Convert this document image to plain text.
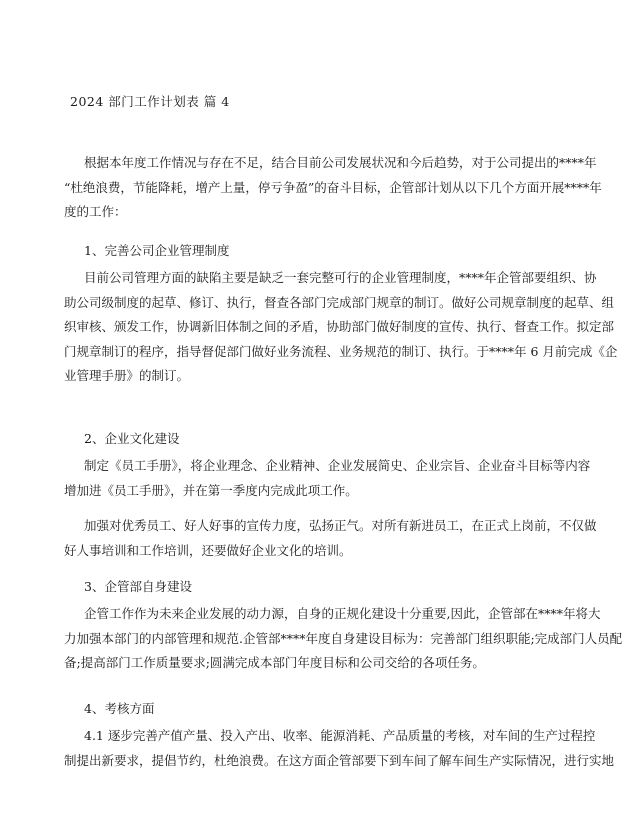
2024 部门工作计划表 篇 4
根据本年度工作情况与存在不足，结合目前公司发展状况和今后趋势，对于公司提出的****年
“杜绝浪费，节能降耗，增产上量，停亏争盈”的奋斗目标，企管部计划从以下几个方面开展****年
度的工作：
1、完善公司企业管理制度
目前公司管理方面的缺陷主要是缺乏一套完整可行的企业管理制度，****年企管部要组织、协
助公司级制度的起草、修订、执行，督查各部门完成部门规章的制订。做好公司规章制度的起草、组
织审核、颁发工作，协调新旧体制之间的矛盾，协助部门做好制度的宣传、执行、督查工作。拟定部
门规章制订的程序，指导督促部门做好业务流程、业务规范的制订、执行。于****年 6 月前完成《企
业管理手册》的制订。
2、企业文化建设
制定《员工手册》，将企业理念、企业精神、企业发展简史、企业宗旨、企业奋斗目标等内容
增加进《员工手册》，并在第一季度内完成此项工作。
加强对优秀员工、好人好事的宣传力度，弘扬正气。对所有新进员工，在正式上岗前，不仅做
好人事培训和工作培训，还要做好企业文化的培训。
3、企管部自身建设
企管工作作为未来企业发展的动力源，自身的正规化建设十分重要,因此，企管部在****年将大
力加强本部门的内部管理和规范.企管部****年度自身建设目标为：完善部门组织职能;完成部门人员配
备;提高部门工作质量要求;圆满完成本部门年度目标和公司交给的各项任务。
4、考核方面
4.1 逐步完善产值产量、投入产出、收率、能源消耗、产品质量的考核，对车间的生产过程控
制提出新要求，提倡节约，杜绝浪费。在这方面企管部要下到车间了解车间生产实际情况，进行实地
